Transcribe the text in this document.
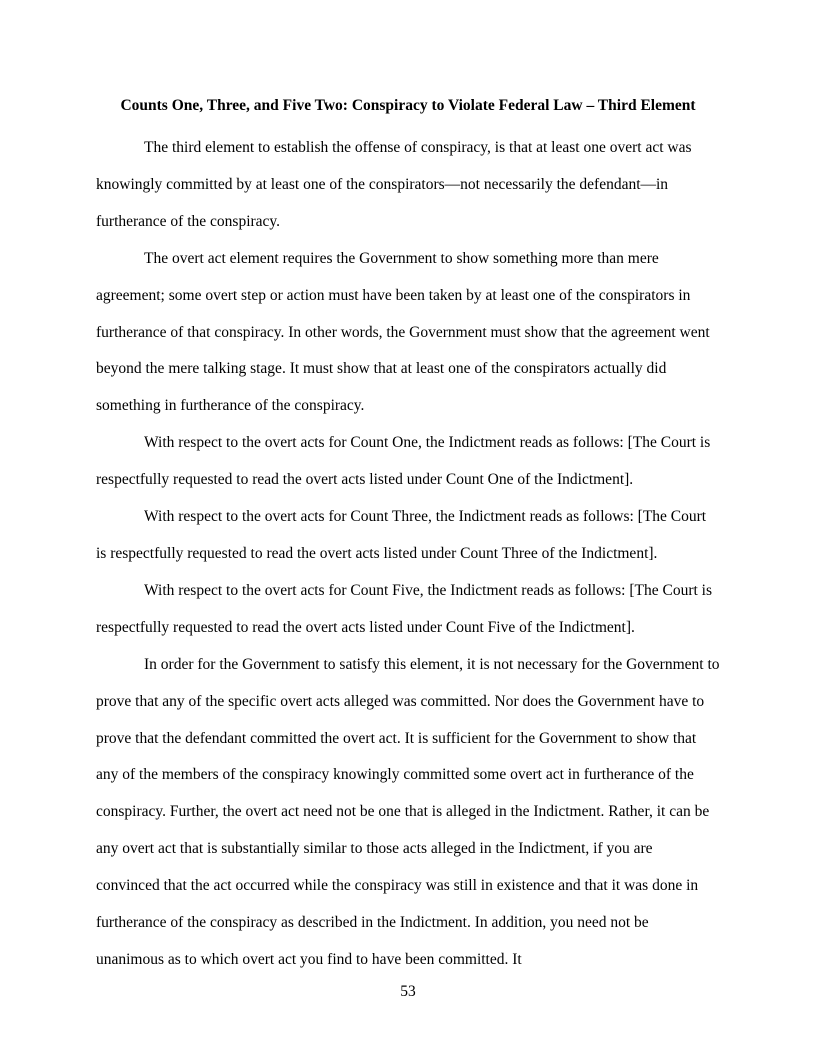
Counts One, Three, and Five Two: Conspiracy to Violate Federal Law – Third Element

The third element to establish the offense of conspiracy, is that at least one overt act was knowingly committed by at least one of the conspirators—not necessarily the defendant—in furtherance of the conspiracy.

The overt act element requires the Government to show something more than mere agreement; some overt step or action must have been taken by at least one of the conspirators in furtherance of that conspiracy. In other words, the Government must show that the agreement went beyond the mere talking stage. It must show that at least one of the conspirators actually did something in furtherance of the conspiracy.

With respect to the overt acts for Count One, the Indictment reads as follows: [The Court is respectfully requested to read the overt acts listed under Count One of the Indictment].

With respect to the overt acts for Count Three, the Indictment reads as follows: [The Court is respectfully requested to read the overt acts listed under Count Three of the Indictment].

With respect to the overt acts for Count Five, the Indictment reads as follows: [The Court is respectfully requested to read the overt acts listed under Count Five of the Indictment].

In order for the Government to satisfy this element, it is not necessary for the Government to prove that any of the specific overt acts alleged was committed. Nor does the Government have to prove that the defendant committed the overt act. It is sufficient for the Government to show that any of the members of the conspiracy knowingly committed some overt act in furtherance of the conspiracy. Further, the overt act need not be one that is alleged in the Indictment. Rather, it can be any overt act that is substantially similar to those acts alleged in the Indictment, if you are convinced that the act occurred while the conspiracy was still in existence and that it was done in furtherance of the conspiracy as described in the Indictment. In addition, you need not be unanimous as to which overt act you find to have been committed. It

53
